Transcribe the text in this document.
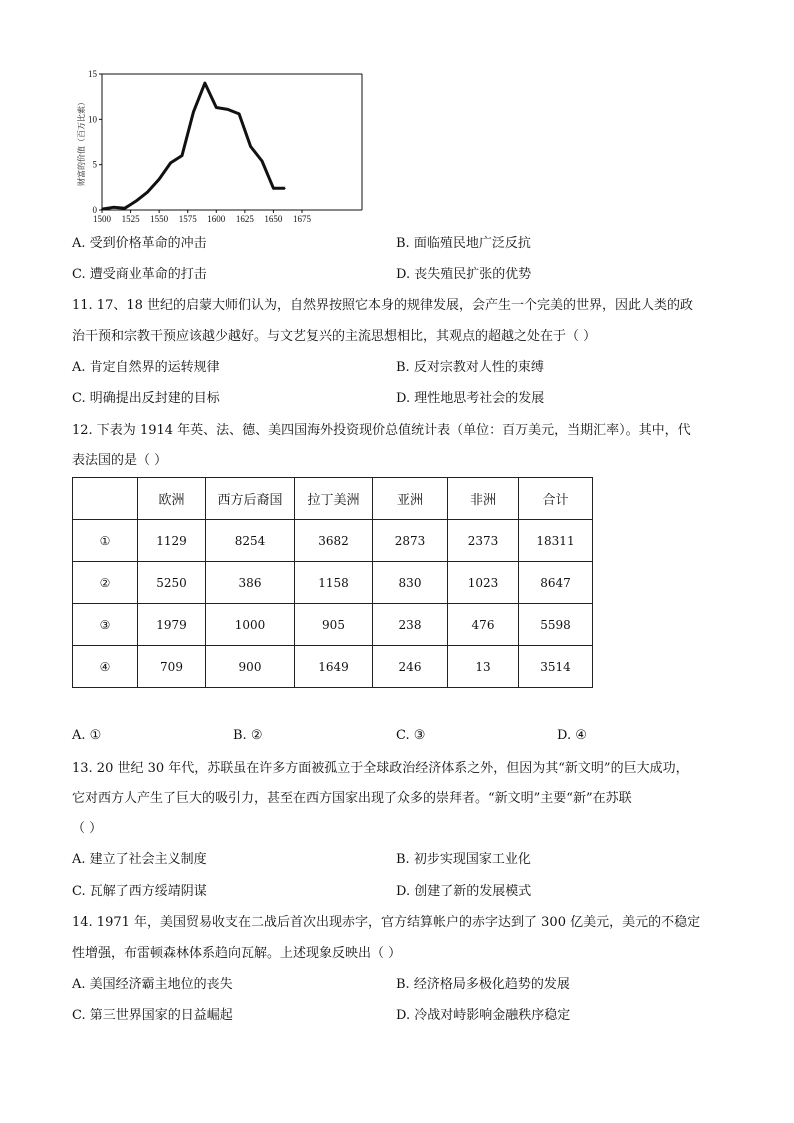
1500 1525 1550 1575 1600 1625 1650 1675
0
5
10
15
财富的价值（百万比索）
A. 受到价格革命的冲击	B. 面临殖民地广泛反抗
C. 遭受商业革命的打击	D. 丧失殖民扩张的优势
11. 17、18 世纪的启蒙大师们认为，自然界按照它本身的规律发展，会产生一个完美的世界，因此人类的政
治干预和宗教干预应该越少越好。与文艺复兴的主流思想相比，其观点的超越之处在于（ ）
A. 肯定自然界的运转规律	B. 反对宗教对人性的束缚
C. 明确提出反封建的目标	D. 理性地思考社会的发展
12. 下表为 1914 年英、法、德、美四国海外投资现价总值统计表（单位：百万美元，当期汇率）。其中，代
表法国的是（ ）
	欧洲	西方后裔国	拉丁美洲	亚洲	非洲	合计
①	1129	8254	3682	2873	2373	18311
②	5250	386	1158	830	1023	8647
③	1979	1000	905	238	476	5598
④	709	900	1649	246	13	3514
A. ①	B. ②	C. ③	D. ④
13. 20 世纪 30 年代，苏联虽在许多方面被孤立于全球政治经济体系之外，但因为其“新文明”的巨大成功，
它对西方人产生了巨大的吸引力，甚至在西方国家出现了众多的崇拜者。“新文明”主要“新”在苏联
（ ）
A. 建立了社会主义制度	B. 初步实现国家工业化
C. 瓦解了西方绥靖阴谋	D. 创建了新的发展模式
14. 1971 年，美国贸易收支在二战后首次出现赤字，官方结算帐户的赤字达到了 300 亿美元，美元的不稳定
性增强，布雷顿森林体系趋向瓦解。上述现象反映出（ ）
A. 美国经济霸主地位的丧失	B. 经济格局多极化趋势的发展
C. 第三世界国家的日益崛起	D. 冷战对峙影响金融秩序稳定
